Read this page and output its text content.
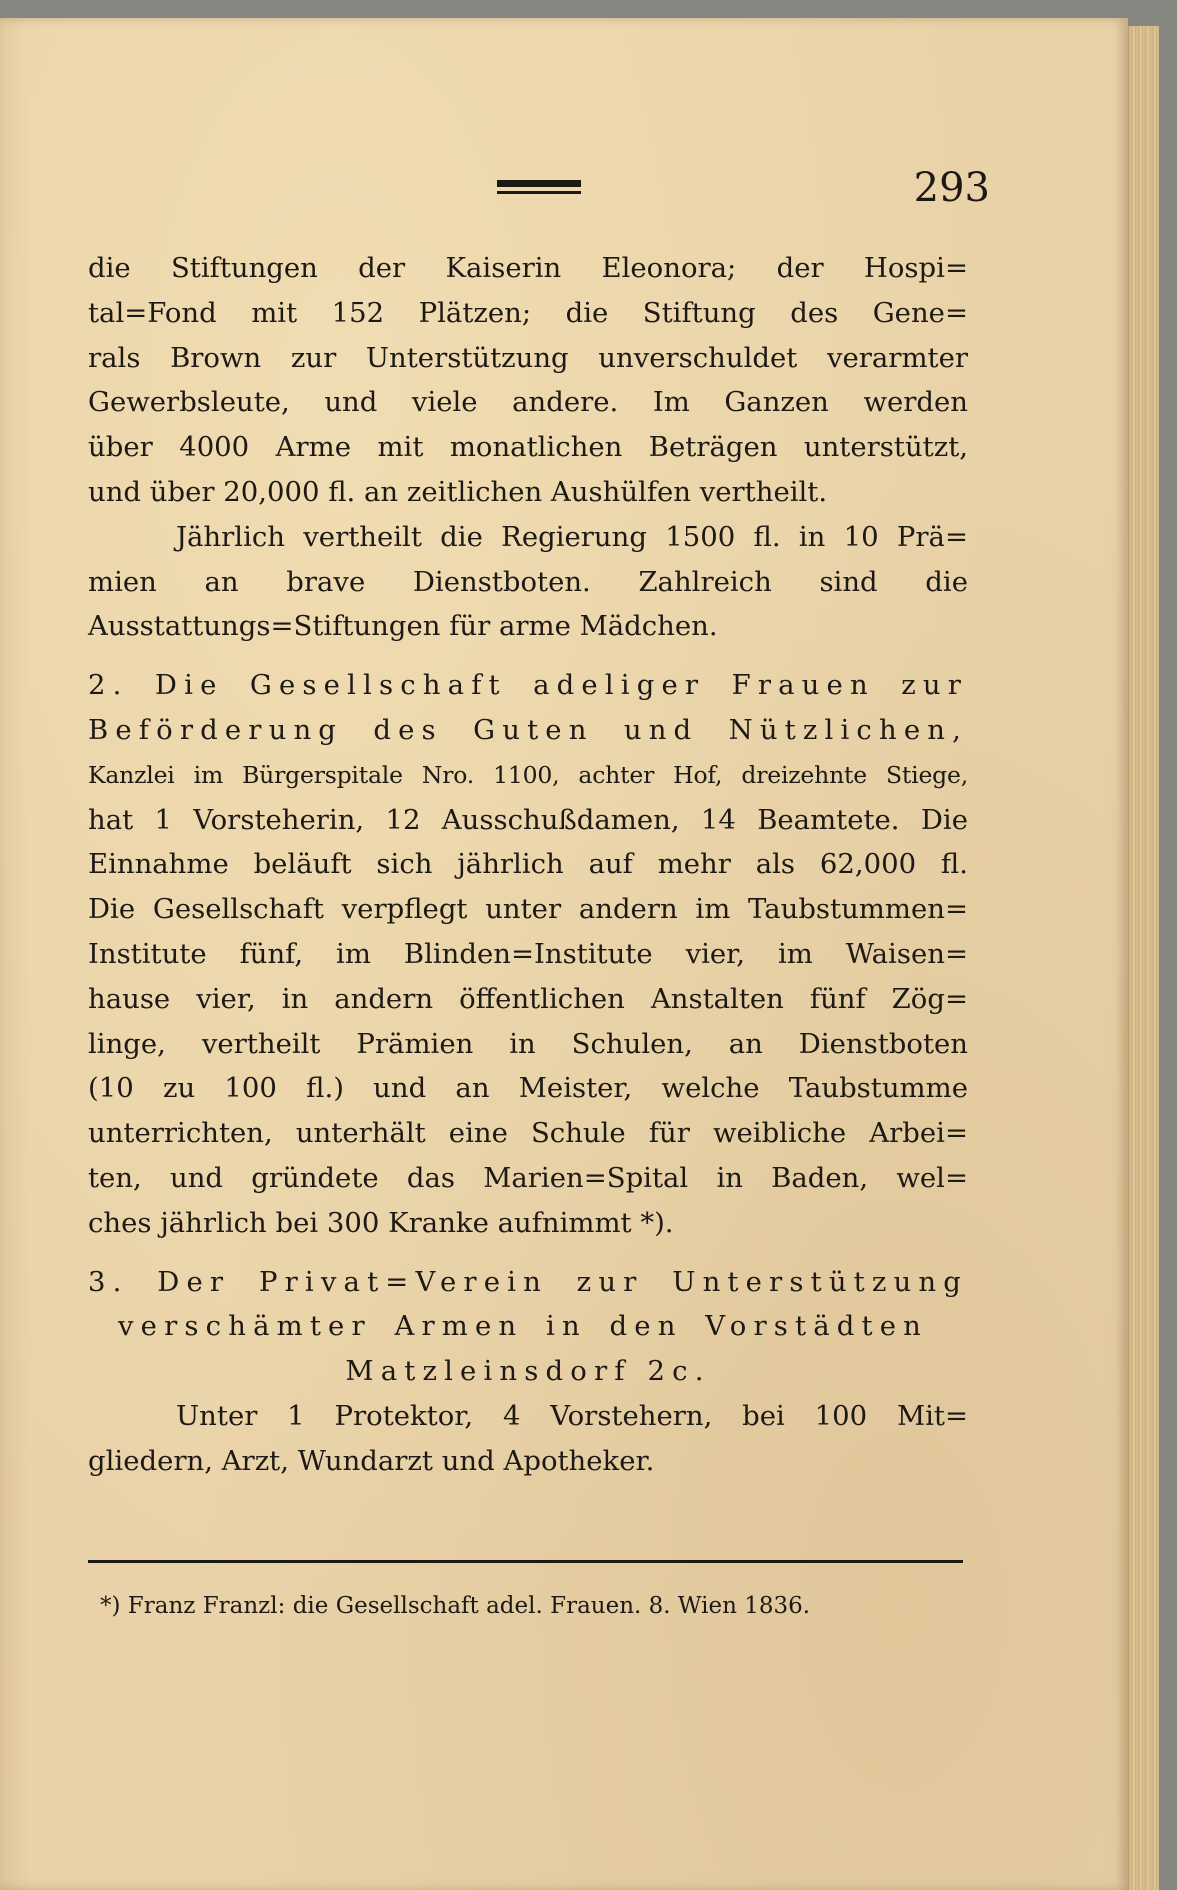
293

die Stiftungen der Kaiserin Eleonora; der Hospi=

tal=Fond mit 152 Plätzen; die Stiftung des Gene=

rals Brown zur Unterstützung unverschuldet verarmter

Gewerbsleute, und viele andere. Im Ganzen werden

über 4000 Arme mit monatlichen Beträgen unterstützt,

und über 20,000 fl. an zeitlichen Aushülfen vertheilt.

Jährlich vertheilt die Regierung 1500 fl. in 10 Prä=

mien an brave Dienstboten. Zahlreich sind die

Ausstattungs=Stiftungen für arme Mädchen.

2. Die Gesellschaft adeliger Frauen zur

Beförderung des Guten und Nützlichen,

Kanzlei im Bürgerspitale Nro. 1100, achter Hof, dreizehnte Stiege,

hat 1 Vorsteherin, 12 Ausschußdamen, 14 Beamtete. Die

Einnahme beläuft sich jährlich auf mehr als 62,000 fl.

Die Gesellschaft verpflegt unter andern im Taubstummen=

Institute fünf, im Blinden=Institute vier, im Waisen=

hause vier, in andern öffentlichen Anstalten fünf Zög=

linge, vertheilt Prämien in Schulen, an Dienstboten

(10 zu 100 fl.) und an Meister, welche Taubstumme

unterrichten, unterhält eine Schule für weibliche Arbei=

ten, und gründete das Marien=Spital in Baden, wel=

ches jährlich bei 300 Kranke aufnimmt *).

3. Der Privat=Verein zur Unterstützung

verschämter Armen in den Vorstädten

Matzleinsdorf 2c.

Unter 1 Protektor, 4 Vorstehern, bei 100 Mit=

gliedern, Arzt, Wundarzt und Apotheker.

*) Franz Franzl: die Gesellschaft adel. Frauen. 8. Wien 1836.
